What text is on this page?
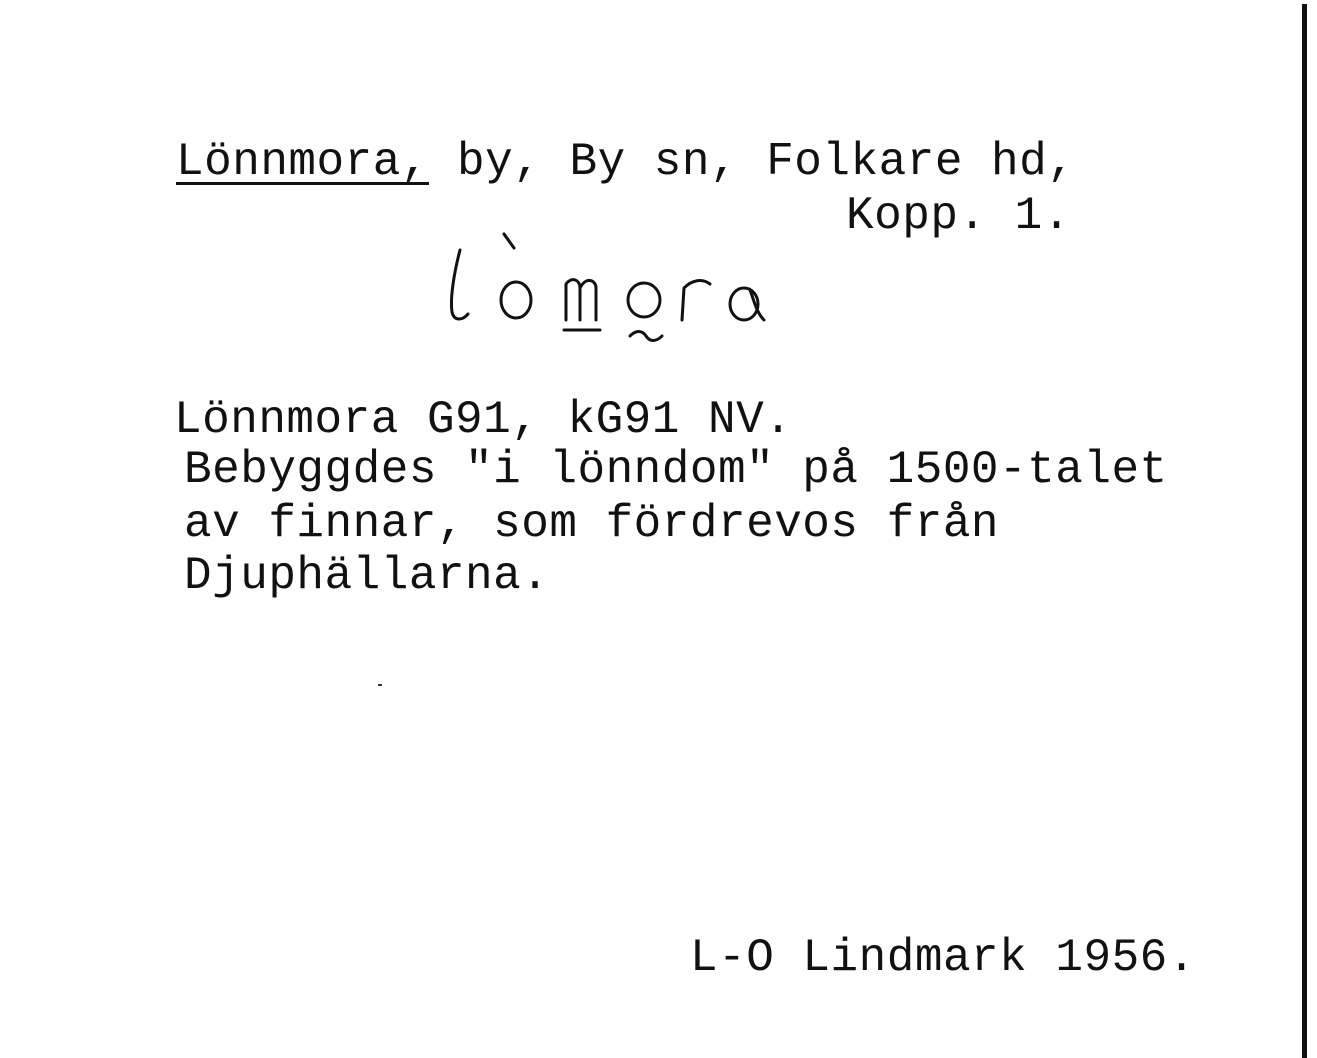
Lönnmora, by, By sn, Folkare hd,
Kopp. 1.
Lönnmora G91, kG91 NV.
Bebyggdes "i lönndom" på 1500-talet
av finnar, som fördrevos från
Djuphällarna.
L-O Lindmark 1956.
